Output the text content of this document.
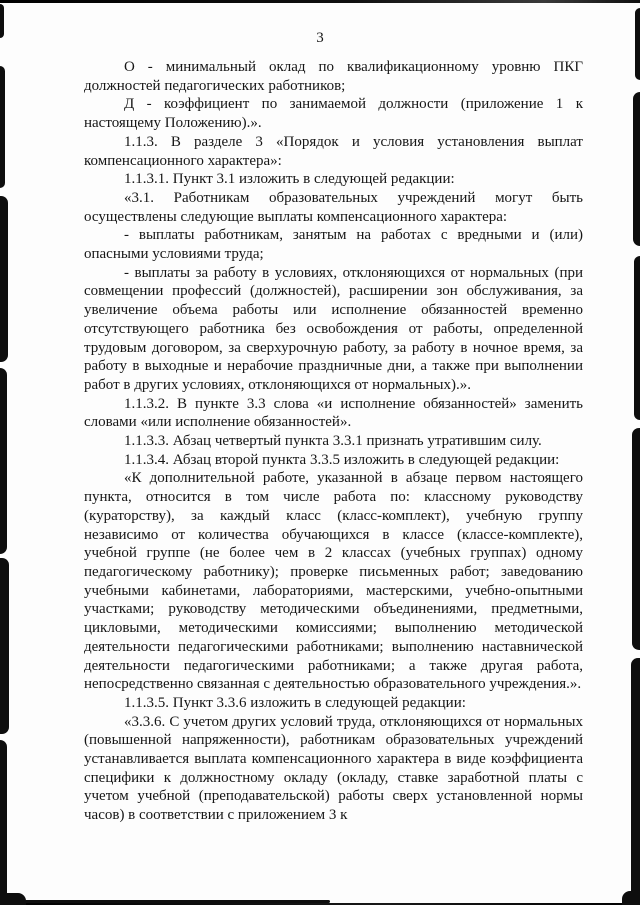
3

О - минимальный оклад по квалификационному уровню ПКГ должностей педагогических работников;

Д - коэффициент по занимаемой должности (приложение 1 к настоящему Положению).».

1.1.3. В разделе 3 «Порядок и условия установления выплат компенсационного характера»:

1.1.3.1. Пункт 3.1 изложить в следующей редакции:

«3.1. Работникам образовательных учреждений могут быть осуществлены следующие выплаты компенсационного характера:

- выплаты работникам, занятым на работах с вредными и (или) опасными условиями труда;

- выплаты за работу в условиях, отклоняющихся от нормальных (при совмещении профессий (должностей), расширении зон обслуживания, за увеличение объема работы или исполнение обязанностей временно отсутствующего работника без освобождения от работы, определенной трудовым договором, за сверхурочную работу, за работу в ночное время, за работу в выходные и нерабочие праздничные дни, а также при выполнении работ в других условиях, отклоняющихся от нормальных).».

1.1.3.2. В пункте 3.3 слова «и исполнение обязанностей» заменить словами «или исполнение обязанностей».

1.1.3.3. Абзац четвертый пункта 3.3.1 признать утратившим силу.

1.1.3.4. Абзац второй пункта 3.3.5 изложить в следующей редакции:

«К дополнительной работе, указанной в абзаце первом настоящего пункта, относится в том числе работа по: классному руководству (кураторству), за каждый класс (класс-комплект), учебную группу независимо от количества обучающихся в классе (классе-комплекте), учебной группе (не более чем в 2 классах (учебных группах) одному педагогическому работнику); проверке письменных работ; заведованию учебными кабинетами, лабораториями, мастерскими, учебно-опытными участками; руководству методическими объединениями, предметными, цикловыми, методическими комиссиями; выполнению методической деятельности педагогическими работниками; выполнению наставнической деятельности педагогическими работниками; а также другая работа, непосредственно связанная с деятельностью образовательного учреждения.».

1.1.3.5. Пункт 3.3.6 изложить в следующей редакции:

«3.3.6. С учетом других условий труда, отклоняющихся от нормальных (повышенной напряженности), работникам образовательных учреждений устанавливается выплата компенсационного характера в виде коэффициента специфики к должностному окладу (окладу, ставке заработной платы с учетом учебной (преподавательской) работы сверх установленной нормы часов) в соответствии с приложением 3 к
